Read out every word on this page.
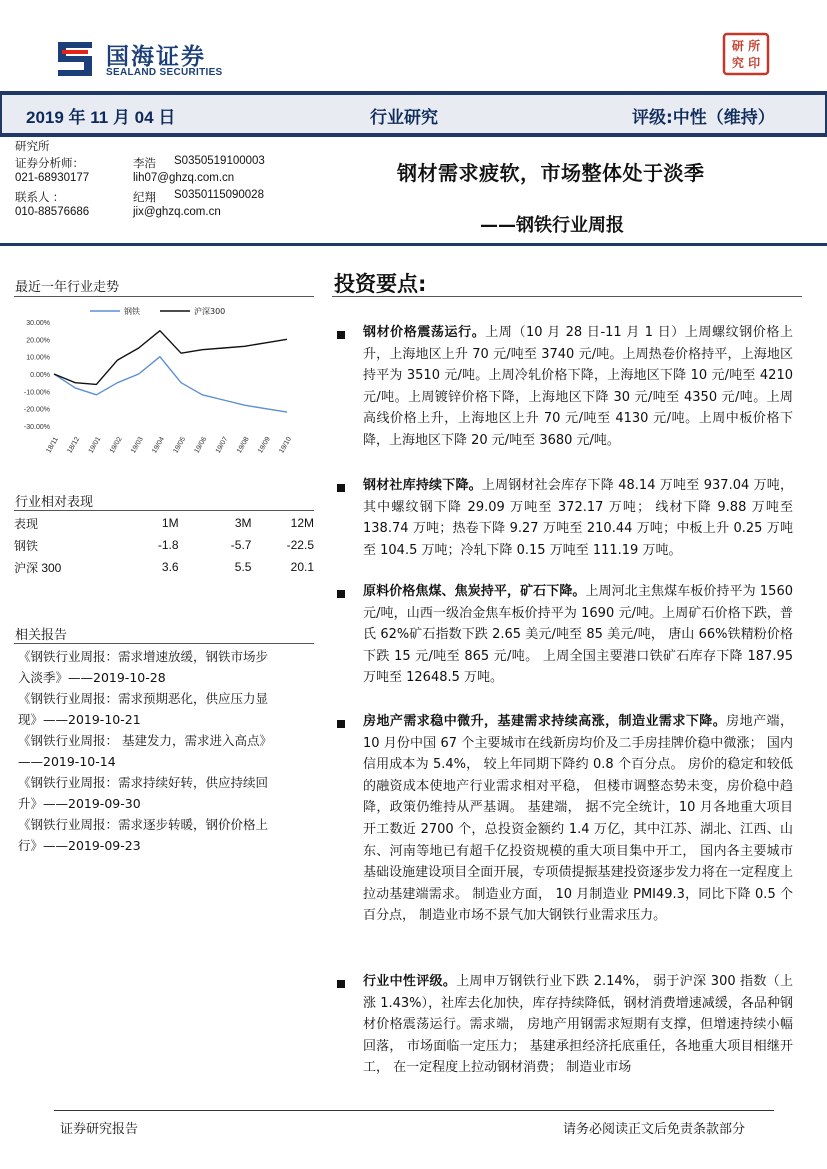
国海证券
SEALAND SECURITIES
研 所
究 印
2019 年 11 月 04 日	行业研究	评级:中性（维持）
研究所
证券分析师：	李浩 S0350519100003
021-68930177	lih07@ghzq.com.cn
联系人 ：	纪翔 S0350115090028
010-88576686	jix@ghzq.com.cn
钢材需求疲软，市场整体处于淡季
——钢铁行业周报
最近一年行业走势
钢铁	沪深300
30.00%
20.00%
10.00%
0.00%
-10.00%
-20.00%
-30.00%
18/11 18/12 19/01 19/02 19/03 19/04 19/05 19/06 19/07 19/08 19/09 19/10
行业相对表现
表现	1M	3M	12M
钢铁	-1.8	-5.7	-22.5
沪深 300	3.6	5.5	20.1
相关报告
《钢铁行业周报：需求增速放缓，钢铁市场步
入淡季》——2019-10-28
《钢铁行业周报：需求预期恶化，供应压力显
现》——2019-10-21
《钢铁行业周报： 基建发力，需求进入高点》
——2019-10-14
《钢铁行业周报：需求持续好转，供应持续回
升》——2019-09-30
《钢铁行业周报：需求逐步转暖，钢价价格上
行》——2019-09-23
投资要点:
钢材价格震荡运行。上周（10 月 28 日-11 月 1 日）上周螺纹钢价格上升，上海地区上升 70 元/吨至 3740 元/吨。上周热卷价格持平，上海地区持平为 3510 元/吨。上周冷轧价格下降，上海地区下降 10 元/吨至 4210 元/吨。上周镀锌价格下降，上海地区下降 30 元/吨至 4350 元/吨。上周高线价格上升，上海地区上升 70 元/吨至 4130 元/吨。上周中板价格下降，上海地区下降 20 元/吨至 3680 元/吨。
钢材社库持续下降。上周钢材社会库存下降 48.14 万吨至 937.04 万吨，其中螺纹钢下降 29.09 万吨至 372.17 万吨； 线材下降 9.88 万吨至 138.74 万吨；热卷下降 9.27 万吨至 210.44 万吨；中板上升 0.25 万吨至 104.5 万吨；冷轧下降 0.15 万吨至 111.19 万吨。
原料价格焦煤、焦炭持平，矿石下降。上周河北主焦煤车板价持平为 1560 元/吨，山西一级冶金焦车板价持平为 1690 元/吨。上周矿石价格下跌，普氏 62%矿石指数下跌 2.65 美元/吨至 85 美元/吨， 唐山 66%铁精粉价格下跌 15 元/吨至 865 元/吨。 上周全国主要港口铁矿石库存下降 187.95 万吨至 12648.5 万吨。
房地产需求稳中微升，基建需求持续高涨，制造业需求下降。房地产端， 10 月份中国 67 个主要城市在线新房均价及二手房挂牌价稳中微涨； 国内信用成本为 5.4%， 较上年同期下降约 0.8 个百分点。 房价的稳定和较低的融资成本使地产行业需求相对平稳， 但楼市调整态势未变，房价稳中趋降，政策仍维持从严基调。 基建端， 据不完全统计，10 月各地重大项目开工数近 2700 个，总投资金额约 1.4 万亿，其中江苏、湖北、江西、山东、河南等地已有超千亿投资规模的重大项目集中开工， 国内各主要城市基础设施建设项目全面开展，专项债提振基建投资逐步发力将在一定程度上拉动基建端需求。 制造业方面， 10 月制造业 PMI49.3，同比下降 0.5 个百分点， 制造业市场不景气加大钢铁行业需求压力。
行业中性评级。上周申万钢铁行业下跌 2.14%， 弱于沪深 300 指数（上涨 1.43%），社库去化加快，库存持续降低，钢材消费增速减缓，各品种钢材价格震荡运行。需求端， 房地产用钢需求短期有支撑，但增速持续小幅回落， 市场面临一定压力； 基建承担经济托底重任，各地重大项目相继开工， 在一定程度上拉动钢材消费； 制造业市场
证券研究报告	请务必阅读正文后免责条款部分
